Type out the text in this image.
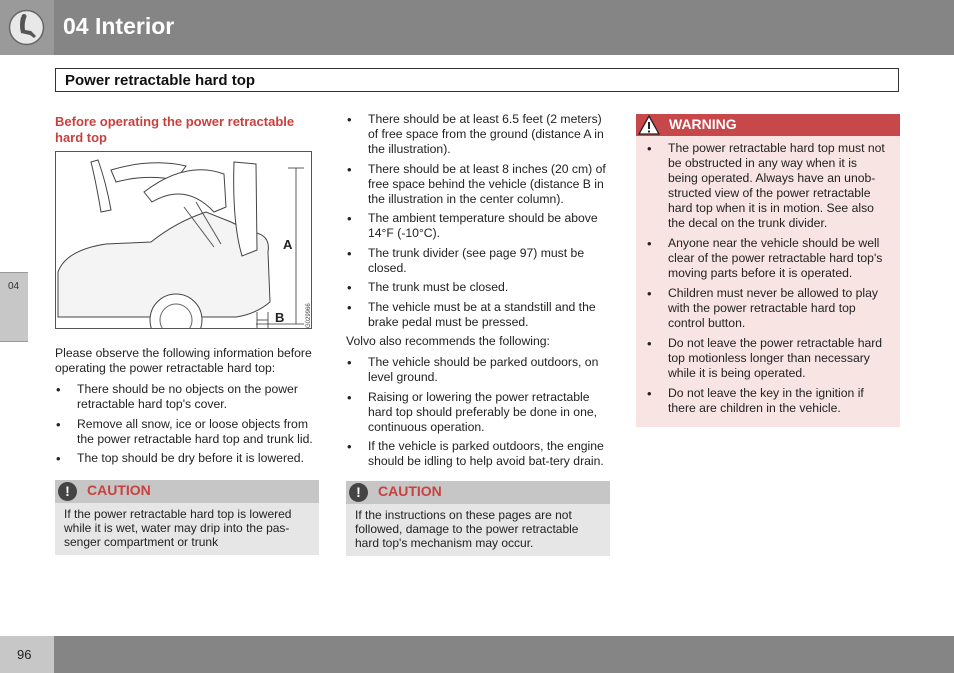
04 Interior
Power retractable hard top
04
Before operating the power retractable hard top
A
B	G029966

Please observe the following information before operating the power retractable hard top:

• There should be no objects on the power retractable hard top's cover.
• Remove all snow, ice or loose objects from the power retractable hard top and trunk lid.
• The top should be dry before it is lowered.
!	CAUTION
If the power retractable hard top is lowered while it is wet, water may drip into the pas-senger compartment or trunk
• There should be at least 6.5 feet (2 meters) of free space from the ground (distance A in the illustration).
• There should be at least 8 inches (20 cm) of free space behind the vehicle (distance B in the illustration in the center column).
• The ambient temperature should be above 14°F (-10°C).
• The trunk divider (see page 97) must be closed.
• The trunk must be closed.
• The vehicle must be at a standstill and the brake pedal must be pressed.

Volvo also recommends the following:

• The vehicle should be parked outdoors, on level ground.
• Raising or lowering the power retractable hard top should preferably be done in one, continuous operation.
• If the vehicle is parked outdoors, the engine should be idling to help avoid bat-tery drain.
!	CAUTION
If the instructions on these pages are not followed, damage to the power retractable hard top's mechanism may occur.
WARNING
• The power retractable hard top must not be obstructed in any way when it is being operated. Always have an unob-structed view of the power retractable hard top when it is in motion. See also the decal on the trunk divider.
• Anyone near the vehicle should be well clear of the power retractable hard top's moving parts before it is operated.
• Children must never be allowed to play with the power retractable hard top control button.
• Do not leave the power retractable hard top motionless longer than necessary while it is being operated.
• Do not leave the key in the ignition if there are children in the vehicle.
96
